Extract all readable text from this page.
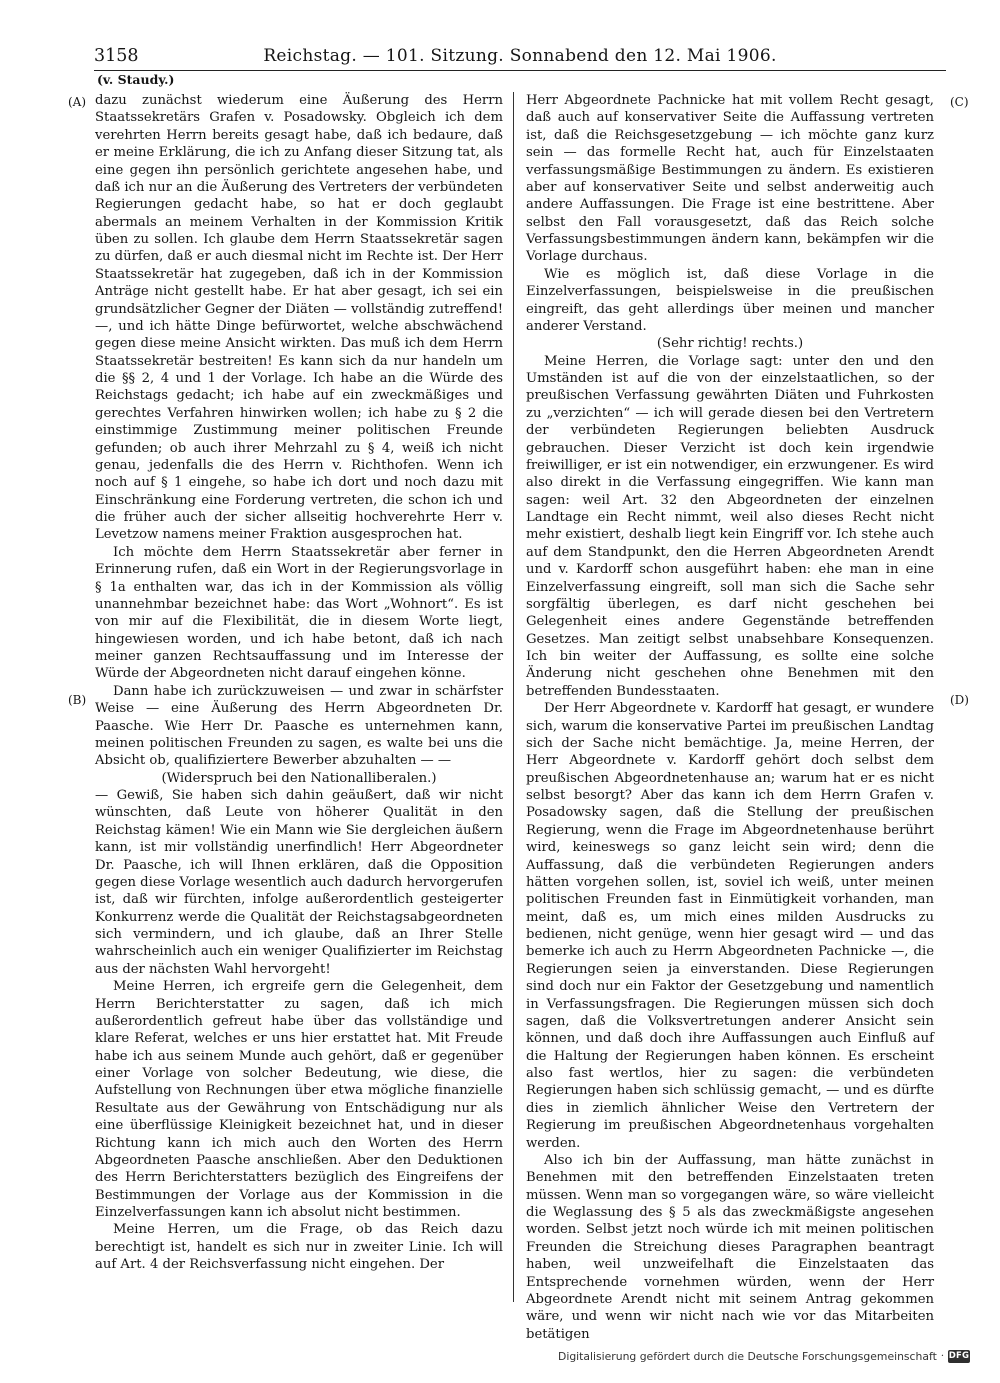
3158	Reichstag. — 101. Sitzung. Sonnabend den 12. Mai 1906.
(v. Staudy.)
(A)
(B)
(C)
(D)

dazu zunächst wiederum eine Äußerung des Herrn Staatssekretärs Grafen v. Posadowsky. Obgleich ich dem verehrten Herrn bereits gesagt habe, daß ich bedaure, daß er meine Erklärung, die ich zu Anfang dieser Sitzung tat, als eine gegen ihn persönlich gerichtete angesehen habe, und daß ich nur an die Äußerung des Vertreters der verbündeten Regierungen gedacht habe, so hat er doch geglaubt abermals an meinem Verhalten in der Kommission Kritik üben zu sollen. Ich glaube dem Herrn Staatssekretär sagen zu dürfen, daß er auch diesmal nicht im Rechte ist. Der Herr Staatssekretär hat zugegeben, daß ich in der Kommission Anträge nicht gestellt habe. Er hat aber gesagt, ich sei ein grundsätzlicher Gegner der Diäten — vollständig zutreffend! —, und ich hätte Dinge befürwortet, welche abschwächend gegen diese meine Ansicht wirkten. Das muß ich dem Herrn Staatssekretär bestreiten! Es kann sich da nur handeln um die §§ 2, 4 und 1 der Vorlage. Ich habe an die Würde des Reichstags gedacht; ich habe auf ein zweckmäßiges und gerechtes Verfahren hinwirken wollen; ich habe zu § 2 die einstimmige Zustimmung meiner politischen Freunde gefunden; ob auch ihrer Mehrzahl zu § 4, weiß ich nicht genau, jedenfalls die des Herrn v. Richthofen. Wenn ich noch auf § 1 eingehe, so habe ich dort und noch dazu mit Einschränkung eine Forderung vertreten, die schon ich und die früher auch der sicher allseitig hochverehrte Herr v. Levetzow namens meiner Fraktion ausgesprochen hat.

Ich möchte dem Herrn Staatssekretär aber ferner in Erinnerung rufen, daß ein Wort in der Regierungsvorlage in § 1a enthalten war, das ich in der Kommission als völlig unannehmbar bezeichnet habe: das Wort „Wohnort“. Es ist von mir auf die Flexibilität, die in diesem Worte liegt, hingewiesen worden, und ich habe betont, daß ich nach meiner ganzen Rechtsauffassung und im Interesse der Würde der Abgeordneten nicht darauf eingehen könne.

Dann habe ich zurückzuweisen — und zwar in schärfster Weise — eine Äußerung des Herrn Abgeordneten Dr. Paasche. Wie Herr Dr. Paasche es unternehmen kann, meinen politischen Freunden zu sagen, es walte bei uns die Absicht ob, qualifiziertere Bewerber abzuhalten — —

(Widerspruch bei den Nationalliberalen.)

— Gewiß, Sie haben sich dahin geäußert, daß wir nicht wünschten, daß Leute von höherer Qualität in den Reichstag kämen! Wie ein Mann wie Sie dergleichen äußern kann, ist mir vollständig unerfindlich! Herr Abgeordneter Dr. Paasche, ich will Ihnen erklären, daß die Opposition gegen diese Vorlage wesentlich auch dadurch hervorgerufen ist, daß wir fürchten, infolge außerordentlich gesteigerter Konkurrenz werde die Qualität der Reichstagsabgeordneten sich vermindern, und ich glaube, daß an Ihrer Stelle wahrscheinlich auch ein weniger Qualifizierter im Reichstag aus der nächsten Wahl hervorgeht!

Meine Herren, ich ergreife gern die Gelegenheit, dem Herrn Berichterstatter zu sagen, daß ich mich außerordentlich gefreut habe über das vollständige und klare Referat, welches er uns hier erstattet hat. Mit Freude habe ich aus seinem Munde auch gehört, daß er gegenüber einer Vorlage von solcher Bedeutung, wie diese, die Aufstellung von Rechnungen über etwa mögliche finanzielle Resultate aus der Gewährung von Entschädigung nur als eine überflüssige Kleinigkeit bezeichnet hat, und in dieser Richtung kann ich mich auch den Worten des Herrn Abgeordneten Paasche anschließen. Aber den Deduktionen des Herrn Berichterstatters bezüglich des Eingreifens der Bestimmungen der Vorlage aus der Kommission in die Einzelverfassungen kann ich absolut nicht bestimmen.

Meine Herren, um die Frage, ob das Reich dazu berechtigt ist, handelt es sich nur in zweiter Linie. Ich will auf Art. 4 der Reichsverfassung nicht eingehen. Der

Herr Abgeordnete Pachnicke hat mit vollem Recht gesagt, daß auch auf konservativer Seite die Auffassung vertreten ist, daß die Reichsgesetzgebung — ich möchte ganz kurz sein — das formelle Recht hat, auch für Einzelstaaten verfassungsmäßige Bestimmungen zu ändern. Es existieren aber auf konservativer Seite und selbst anderweitig auch andere Auffassungen. Die Frage ist eine bestrittene. Aber selbst den Fall vorausgesetzt, daß das Reich solche Verfassungsbestimmungen ändern kann, bekämpfen wir die Vorlage durchaus.

Wie es möglich ist, daß diese Vorlage in die Einzelverfassungen, beispielsweise in die preußischen eingreift, das geht allerdings über meinen und mancher anderer Verstand.

(Sehr richtig! rechts.)

Meine Herren, die Vorlage sagt: unter den und den Umständen ist auf die von der einzelstaatlichen, so der preußischen Verfassung gewährten Diäten und Fuhrkosten zu „verzichten“ — ich will gerade diesen bei den Vertretern der verbündeten Regierungen beliebten Ausdruck gebrauchen. Dieser Verzicht ist doch kein irgendwie freiwilliger, er ist ein notwendiger, ein erzwungener. Es wird also direkt in die Verfassung eingegriffen. Wie kann man sagen: weil Art. 32 den Abgeordneten der einzelnen Landtage ein Recht nimmt, weil also dieses Recht nicht mehr existiert, deshalb liegt kein Eingriff vor. Ich stehe auch auf dem Standpunkt, den die Herren Abgeordneten Arendt und v. Kardorff schon ausgeführt haben: ehe man in eine Einzelverfassung eingreift, soll man sich die Sache sehr sorgfältig überlegen, es darf nicht geschehen bei Gelegenheit eines andere Gegenstände betreffenden Gesetzes. Man zeitigt selbst unabsehbare Konsequenzen. Ich bin weiter der Auffassung, es sollte eine solche Änderung nicht geschehen ohne Benehmen mit den betreffenden Bundesstaaten.

Der Herr Abgeordnete v. Kardorff hat gesagt, er wundere sich, warum die konservative Partei im preußischen Landtag sich der Sache nicht bemächtige. Ja, meine Herren, der Herr Abgeordnete v. Kardorff gehört doch selbst dem preußischen Abgeordnetenhause an; warum hat er es nicht selbst besorgt? Aber das kann ich dem Herrn Grafen v. Posadowsky sagen, daß die Stellung der preußischen Regierung, wenn die Frage im Abgeordnetenhause berührt wird, keineswegs so ganz leicht sein wird; denn die Auffassung, daß die verbündeten Regierungen anders hätten vorgehen sollen, ist, soviel ich weiß, unter meinen politischen Freunden fast in Einmütigkeit vorhanden, man meint, daß es, um mich eines milden Ausdrucks zu bedienen, nicht genüge, wenn hier gesagt wird — und das bemerke ich auch zu Herrn Abgeordneten Pachnicke —, die Regierungen seien ja einverstanden. Diese Regierungen sind doch nur ein Faktor der Gesetzgebung und namentlich in Verfassungsfragen. Die Regierungen müssen sich doch sagen, daß die Volksvertretungen anderer Ansicht sein können, und daß doch ihre Auffassungen auch Einfluß auf die Haltung der Regierungen haben können. Es erscheint also fast wertlos, hier zu sagen: die verbündeten Regierungen haben sich schlüssig gemacht, — und es dürfte dies in ziemlich ähnlicher Weise den Vertretern der Regierung im preußischen Abgeordnetenhaus vorgehalten werden.

Also ich bin der Auffassung, man hätte zunächst in Benehmen mit den betreffenden Einzelstaaten treten müssen. Wenn man so vorgegangen wäre, so wäre vielleicht die Weglassung des § 5 als das zweckmäßigste angesehen worden. Selbst jetzt noch würde ich mit meinen politischen Freunden die Streichung dieses Paragraphen beantragt haben, weil unzweifelhaft die Einzelstaaten das Entsprechende vornehmen würden, wenn der Herr Abgeordnete Arendt nicht mit seinem Antrag gekommen wäre, und wenn wir nicht nach wie vor das Mitarbeiten betätigen

Digitalisierung gefördert durch die Deutsche Forschungsgemeinschaft · DFG
